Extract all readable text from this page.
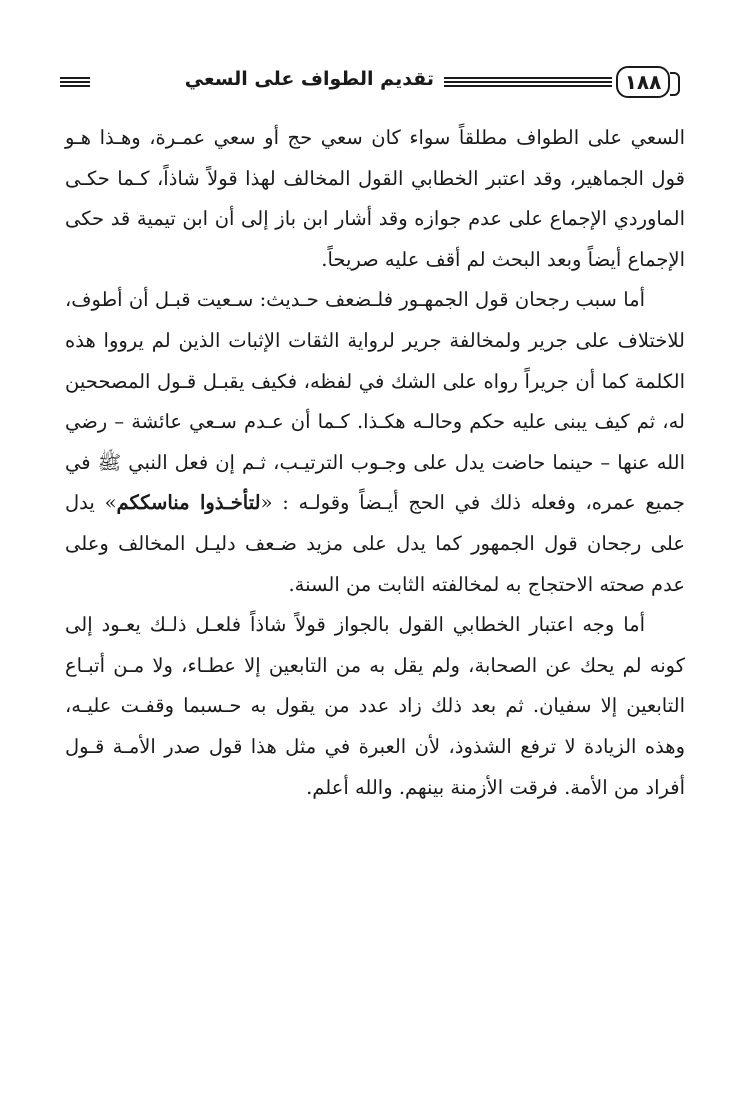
تقديم الطواف على السعي	١٨٨

السعي على الطواف مطلقاً سواء كان سعي حج أو سعي عمـرة، وهـذا هـو قول الجماهير، وقد اعتبر الخطابي القول المخالف لهذا قولاً شاذاً، كـما حكـى الماوردي الإجماع على عدم جوازه وقد أشار ابن باز إلى أن ابن تيمية قد حكى الإجماع أيضاً وبعد البحث لم أقف عليه صريحاً.

أما سبب رجحان قول الجمهـور فلـضعف حـديث: سـعيت قبـل أن أطوف، للاختلاف على جرير ولمخالفة جرير لرواية الثقات الإثبات الذين لم يرووا هذه الكلمة كما أن جريراً رواه على الشك في لفظه، فكيف يقبـل قـول المصححين له، ثم كيف يبنى عليه حكم وحالـه هكـذا. كـما أن عـدم سـعي عائشة – رضي الله عنها – حينما حاضت يدل على وجـوب الترتيـب، ثـم إن فعل النبي ﷺ في جميع عمره، وفعله ذلك في الحج أيـضاً وقولـه : «لتأخـذوا مناسككم» يدل على رجحان قول الجمهور كما يدل على مزيد ضـعف دليـل المخالف وعلى عدم صحته الاحتجاج به لمخالفته الثابت من السنة.

أما وجه اعتبار الخطابي القول بالجواز قولاً شاذاً فلعـل ذلـك يعـود إلى كونه لم يحك عن الصحابة، ولم يقل به من التابعين إلا عطـاء، ولا مـن أتبـاع التابعين إلا سفيان. ثم بعد ذلك زاد عدد من يقول به حـسبما وقفـت عليـه، وهذه الزيادة لا ترفع الشذوذ، لأن العبرة في مثل هذا قول صدر الأمـة قـول أفراد من الأمة. فرقت الأزمنة بينهم. والله أعلم.
